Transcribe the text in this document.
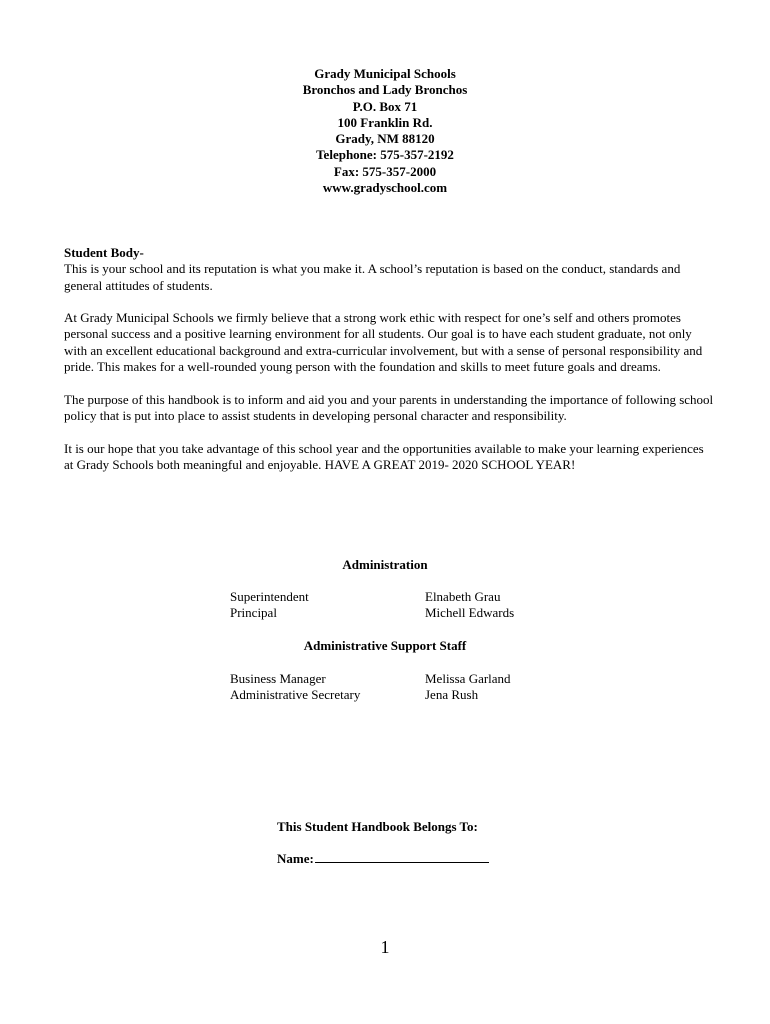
Grady Municipal Schools
Bronchos and Lady Bronchos
P.O. Box 71
100 Franklin Rd.
Grady, NM 88120
Telephone: 575-357-2192
Fax: 575-357-2000
www.gradyschool.com

Student Body-

This is your school and its reputation is what you make it. A school’s reputation is based on the conduct, standards and general attitudes of students.

At Grady Municipal Schools we firmly believe that a strong work ethic with respect for one’s self and others promotes personal success and a positive learning environment for all students. Our goal is to have each student graduate, not only with an excellent educational background and extra-curricular involvement, but with a sense of personal responsibility and pride. This makes for a well-rounded young person with the foundation and skills to meet future goals and dreams.

The purpose of this handbook is to inform and aid you and your parents in understanding the importance of following school policy that is put into place to assist students in developing personal character and responsibility.

It is our hope that you take advantage of this school year and the opportunities available to make your learning experiences at Grady Schools both meaningful and enjoyable. HAVE A GREAT 2019- 2020 SCHOOL YEAR!

Administration
Superintendent	Elnabeth Grau
Principal	Michell Edwards
Administrative Support Staff
Business Manager	Melissa Garland
Administrative Secretary	Jena Rush
This Student Handbook Belongs To:
Name:
1
